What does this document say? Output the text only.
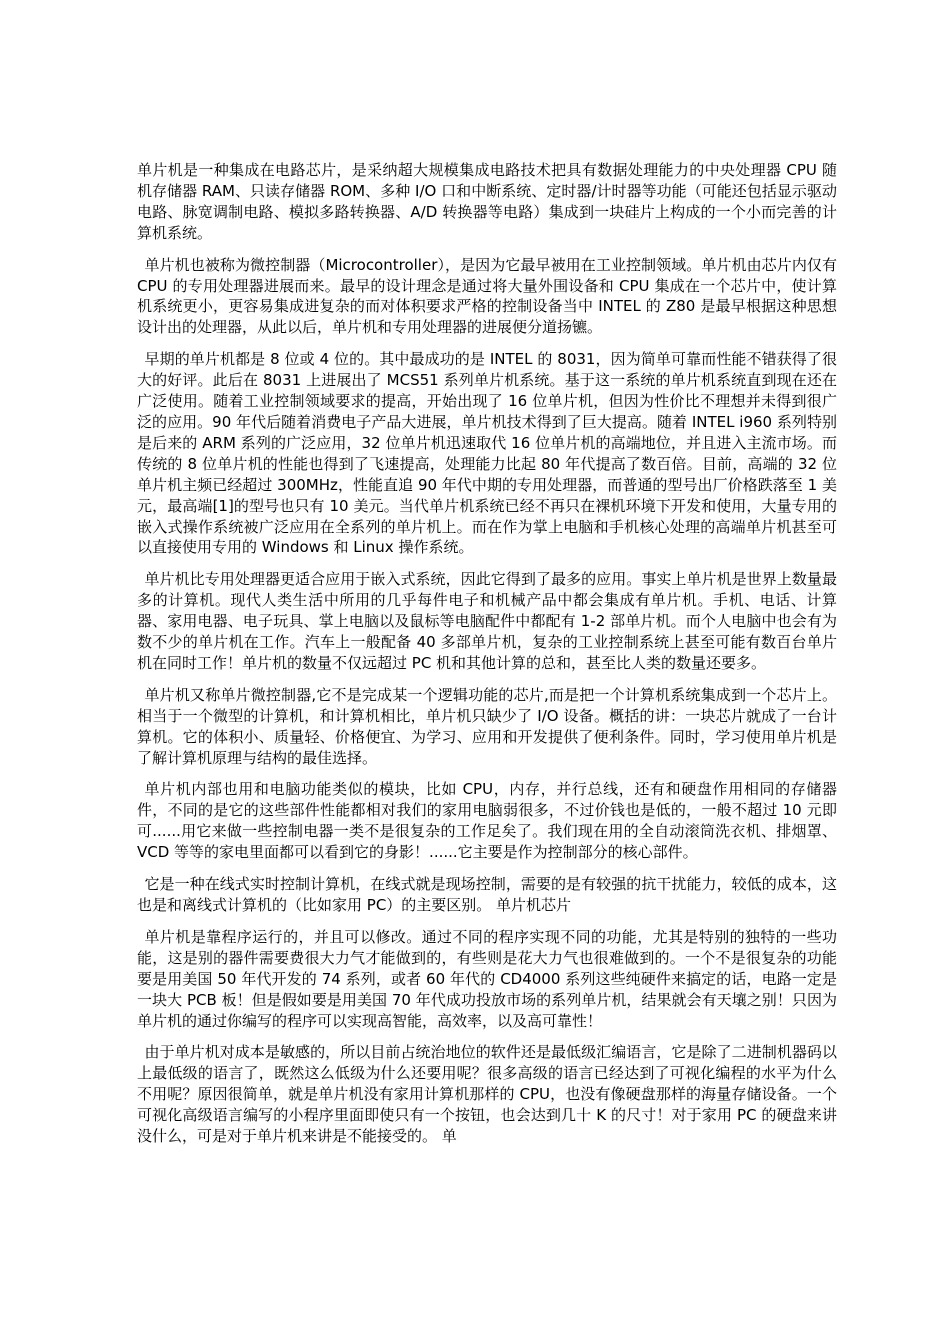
单片机是一种集成在电路芯片，是采纳超大规模集成电路技术把具有数据处理能力的中央处理器 CPU 随机存储器 RAM、只读存储器 ROM、多种 I/O 口和中断系统、定时器/计时器等功能（可能还包括显示驱动电路、脉宽调制电路、模拟多路转换器、A/D 转换器等电路）集成到一块硅片上构成的一个小而完善的计算机系统。

单片机也被称为微控制器（Microcontroller），是因为它最早被用在工业控制领域。单片机由芯片内仅有 CPU 的专用处理器进展而来。最早的设计理念是通过将大量外围设备和 CPU 集成在一个芯片中，使计算机系统更小，更容易集成进复杂的而对体积要求严格的控制设备当中 INTEL 的 Z80 是最早根据这种思想设计出的处理器，从此以后，单片机和专用处理器的进展便分道扬镳。

早期的单片机都是 8 位或 4 位的。其中最成功的是 INTEL 的 8031，因为简单可靠而性能不错获得了很大的好评。此后在 8031 上进展出了 MCS51 系列单片机系统。基于这一系统的单片机系统直到现在还在广泛使用。随着工业控制领域要求的提高，开始出现了 16 位单片机，但因为性价比不理想并未得到很广泛的应用。90 年代后随着消费电子产品大进展，单片机技术得到了巨大提高。随着 INTEL i960 系列特别是后来的 ARM 系列的广泛应用，32 位单片机迅速取代 16 位单片机的高端地位，并且进入主流市场。而传统的 8 位单片机的性能也得到了飞速提高，处理能力比起 80 年代提高了数百倍。目前，高端的 32 位单片机主频已经超过 300MHz，性能直追 90 年代中期的专用处理器，而普通的型号出厂价格跌落至 1 美元，最高端[1]的型号也只有 10 美元。当代单片机系统已经不再只在裸机环境下开发和使用，大量专用的嵌入式操作系统被广泛应用在全系列的单片机上。而在作为掌上电脑和手机核心处理的高端单片机甚至可以直接使用专用的 Windows 和 Linux 操作系统。

单片机比专用处理器更适合应用于嵌入式系统，因此它得到了最多的应用。事实上单片机是世界上数量最多的计算机。现代人类生活中所用的几乎每件电子和机械产品中都会集成有单片机。手机、电话、计算器、家用电器、电子玩具、掌上电脑以及鼠标等电脑配件中都配有 1-2 部单片机。而个人电脑中也会有为数不少的单片机在工作。汽车上一般配备 40 多部单片机，复杂的工业控制系统上甚至可能有数百台单片机在同时工作！单片机的数量不仅远超过 PC 机和其他计算的总和，甚至比人类的数量还要多。

单片机又称单片微控制器,它不是完成某一个逻辑功能的芯片,而是把一个计算机系统集成到一个芯片上。相当于一个微型的计算机，和计算机相比，单片机只缺少了 I/O 设备。概括的讲：一块芯片就成了一台计算机。它的体积小、质量轻、价格便宜、为学习、应用和开发提供了便利条件。同时，学习使用单片机是了解计算机原理与结构的最佳选择。

单片机内部也用和电脑功能类似的模块，比如 CPU，内存，并行总线，还有和硬盘作用相同的存储器件，不同的是它的这些部件性能都相对我们的家用电脑弱很多，不过价钱也是低的，一般不超过 10 元即可......用它来做一些控制电器一类不是很复杂的工作足矣了。我们现在用的全自动滚筒洗衣机、排烟罩、VCD 等等的家电里面都可以看到它的身影！......它主要是作为控制部分的核心部件。

它是一种在线式实时控制计算机，在线式就是现场控制，需要的是有较强的抗干扰能力，较低的成本，这也是和离线式计算机的（比如家用 PC）的主要区别。 单片机芯片

单片机是靠程序运行的，并且可以修改。通过不同的程序实现不同的功能，尤其是特别的独特的一些功能，这是别的器件需要费很大力气才能做到的，有些则是花大力气也很难做到的。一个不是很复杂的功能要是用美国 50 年代开发的 74 系列，或者 60 年代的 CD4000 系列这些纯硬件来搞定的话，电路一定是一块大 PCB 板！但是假如要是用美国 70 年代成功投放市场的系列单片机，结果就会有天壤之别！只因为单片机的通过你编写的程序可以实现高智能，高效率，以及高可靠性！

由于单片机对成本是敏感的，所以目前占统治地位的软件还是最低级汇编语言，它是除了二进制机器码以上最低级的语言了，既然这么低级为什么还要用呢？很多高级的语言已经达到了可视化编程的水平为什么不用呢？原因很简单，就是单片机没有家用计算机那样的 CPU，也没有像硬盘那样的海量存储设备。一个可视化高级语言编写的小程序里面即使只有一个按钮，也会达到几十 K 的尺寸！对于家用 PC 的硬盘来讲没什么，可是对于单片机来讲是不能接受的。 单
